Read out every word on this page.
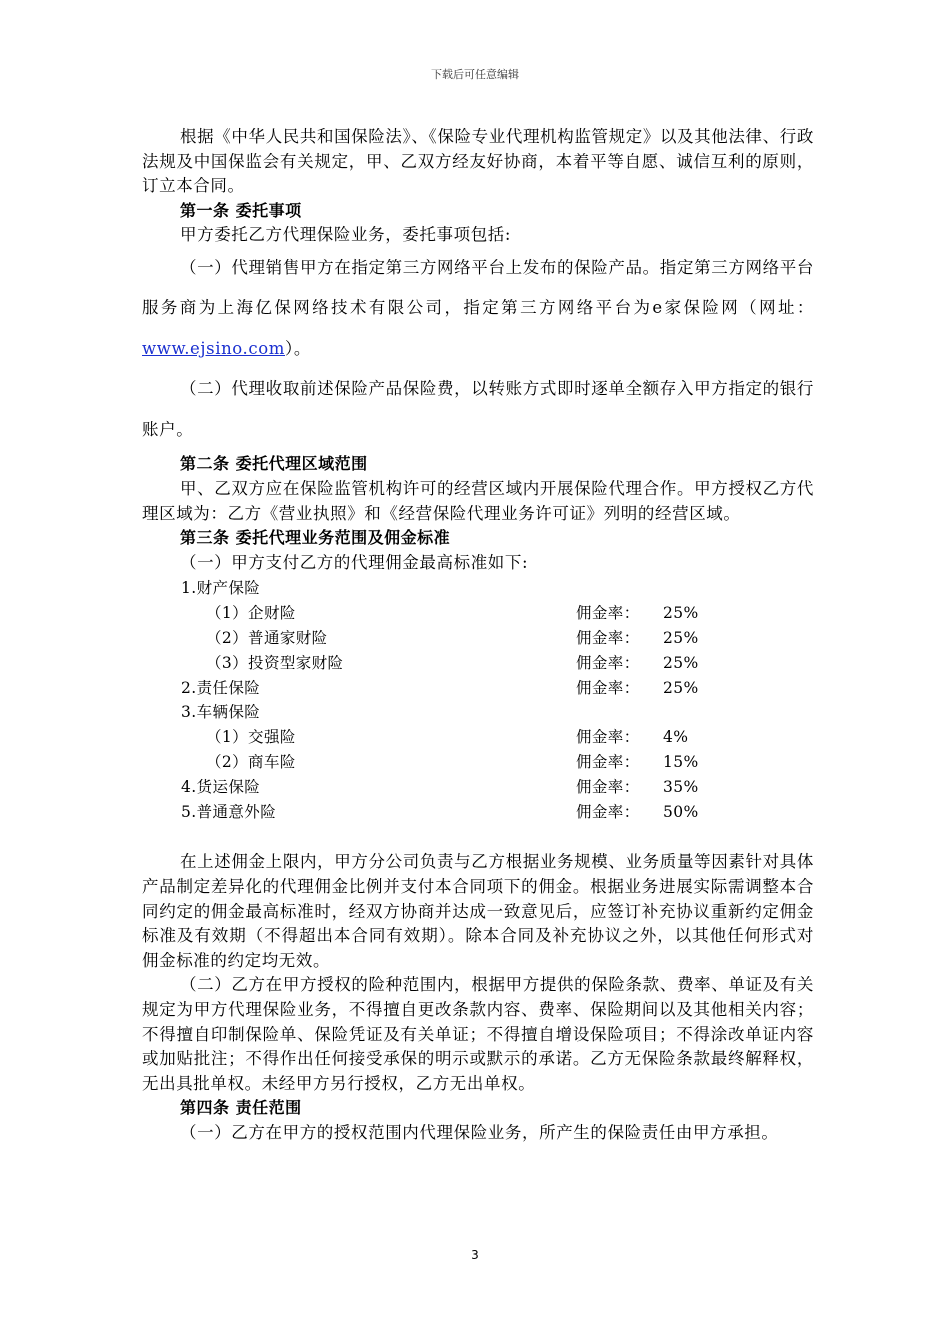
下载后可任意编辑

根据《中华人民共和国保险法》、《保险专业代理机构监管规定》以及其他法律、行政法规及中国保监会有关规定，甲、乙双方经友好协商，本着平等自愿、诚信互利的原则，订立本合同。

第一条 委托事项

甲方委托乙方代理保险业务，委托事项包括:

（一）代理销售甲方在指定第三方网络平台上发布的保险产品。指定第三方网络平台服务商为上海亿保网络技术有限公司，指定第三方网络平台为e家保险网（网址：www.ejsino.com）。

（二）代理收取前述保险产品保险费，以转账方式即时逐单全额存入甲方指定的银行账户。

第二条 委托代理区域范围

甲、乙双方应在保险监管机构许可的经营区域内开展保险代理合作。甲方授权乙方代理区域为：乙方《营业执照》和《经营保险代理业务许可证》列明的经营区域。

第三条 委托代理业务范围及佣金标准

（一）甲方支付乙方的代理佣金最高标准如下:

1.财产保险
（1）企财险	佣金率：	25%
（2）普通家财险	佣金率：	25%
（3）投资型家财险	佣金率：	25%
2.责任保险	佣金率：	25%
3.车辆保险
（1）交强险	佣金率：	4%
（2）商车险	佣金率：	15%
4.货运保险	佣金率：	35%
5.普通意外险	佣金率：	50%

在上述佣金上限内，甲方分公司负责与乙方根据业务规模、业务质量等因素针对具体产品制定差异化的代理佣金比例并支付本合同项下的佣金。根据业务进展实际需调整本合同约定的佣金最高标准时，经双方协商并达成一致意见后，应签订补充协议重新约定佣金标准及有效期（不得超出本合同有效期）。除本合同及补充协议之外，以其他任何形式对佣金标准的约定均无效。

（二）乙方在甲方授权的险种范围内，根据甲方提供的保险条款、费率、单证及有关规定为甲方代理保险业务，不得擅自更改条款内容、费率、保险期间以及其他相关内容；不得擅自印制保险单、保险凭证及有关单证；不得擅自增设保险项目；不得涂改单证内容或加贴批注；不得作出任何接受承保的明示或默示的承诺。乙方无保险条款最终解释权，无出具批单权。未经甲方另行授权，乙方无出单权。

第四条 责任范围

（一）乙方在甲方的授权范围内代理保险业务，所产生的保险责任由甲方承担。

3
